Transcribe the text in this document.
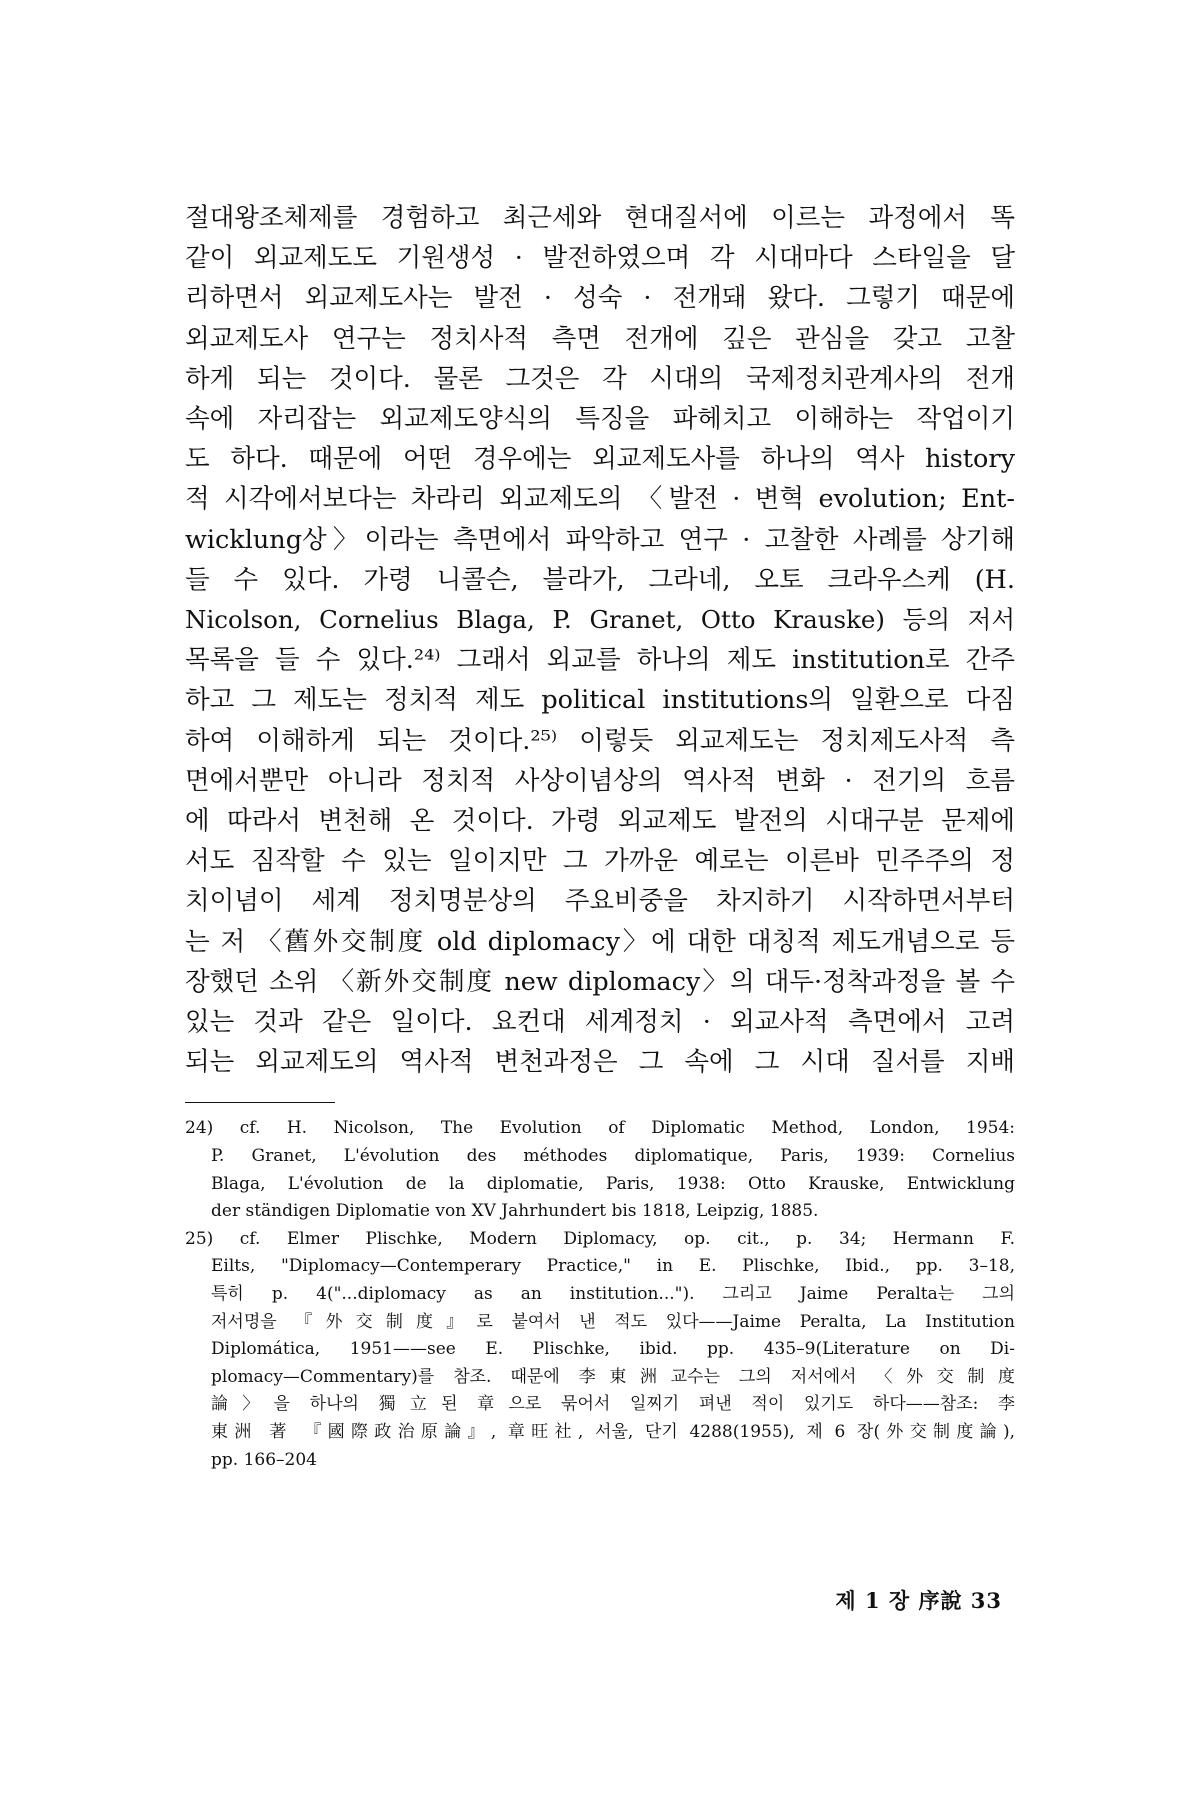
절대왕조체제를 경험하고 최근세와 현대질서에 이르는 과정에서 똑

같이 외교제도도 기원생성 · 발전하였으며 각 시대마다 스타일을 달

리하면서 외교제도사는 발전 · 성숙 · 전개돼 왔다. 그렇기 때문에

외교제도사 연구는 정치사적 측면 전개에 깊은 관심을 갖고 고찰

하게 되는 것이다. 물론 그것은 각 시대의 국제정치관계사의 전개

속에 자리잡는 외교제도양식의 특징을 파헤치고 이해하는 작업이기

도 하다. 때문에 어떤 경우에는 외교제도사를 하나의 역사 history

적 시각에서보다는 차라리 외교제도의 〈발전 · 변혁 evolution; Ent-

wicklung상〉이라는 측면에서 파악하고 연구 · 고찰한 사례를 상기해

들 수 있다. 가령 니콜슨, 블라가, 그라네, 오토 크라우스케 (H.

Nicolson, Cornelius Blaga, P. Granet, Otto Krauske) 등의 저서

목록을 들 수 있다.²⁴⁾ 그래서 외교를 하나의 제도 institution로 간주

하고 그 제도는 정치적 제도 political institutions의 일환으로 다짐

하여 이해하게 되는 것이다.²⁵⁾ 이렇듯 외교제도는 정치제도사적 측

면에서뿐만 아니라 정치적 사상이념상의 역사적 변화 · 전기의 흐름

에 따라서 변천해 온 것이다. 가령 외교제도 발전의 시대구분 문제에

서도 짐작할 수 있는 일이지만 그 가까운 예로는 이른바 민주주의 정

치이념이 세계 정치명분상의 주요비중을 차지하기 시작하면서부터

는 저 〈舊外交制度 old diplomacy〉에 대한 대칭적 제도개념으로 등

장했던 소위 〈新外交制度 new diplomacy〉의 대두·정착과정을 볼 수

있는 것과 같은 일이다. 요컨대 세계정치 · 외교사적 측면에서 고려

되는 외교제도의 역사적 변천과정은 그 속에 그 시대 질서를 지배

24) cf. H. Nicolson, The Evolution of Diplomatic Method, London, 1954:

P. Granet, L'évolution des méthodes diplomatique, Paris, 1939: Cornelius

Blaga, L'évolution de la diplomatie, Paris, 1938: Otto Krauske, Entwicklung

der ständigen Diplomatie von XV Jahrhundert bis 1818, Leipzig, 1885.

25) cf. Elmer Plischke, Modern Diplomacy, op. cit., p. 34; Hermann F.

Eilts, "Diplomacy—Contemperary Practice," in E. Plischke, Ibid., pp. 3–18,

특히 p. 4("...diplomacy as an institution..."). 그리고 Jaime Peralta는 그의

저서명을 『外交制度』로 붙여서 낸 적도 있다——Jaime Peralta, La Institution

Diplomática, 1951——see E. Plischke, ibid. pp. 435–9(Literature on Di-

plomacy—Commentary)를 참조. 때문에 李東洲교수는 그의 저서에서 〈外交制度

論〉을 하나의 獨立된 章으로 묶어서 일찌기 펴낸 적이 있기도 하다——참조: 李

東洲 著 『國際政治原論』, 章旺社, 서울, 단기 4288(1955), 제 6 장(外交制度論),

pp. 166–204

제 1 장 序說 33
